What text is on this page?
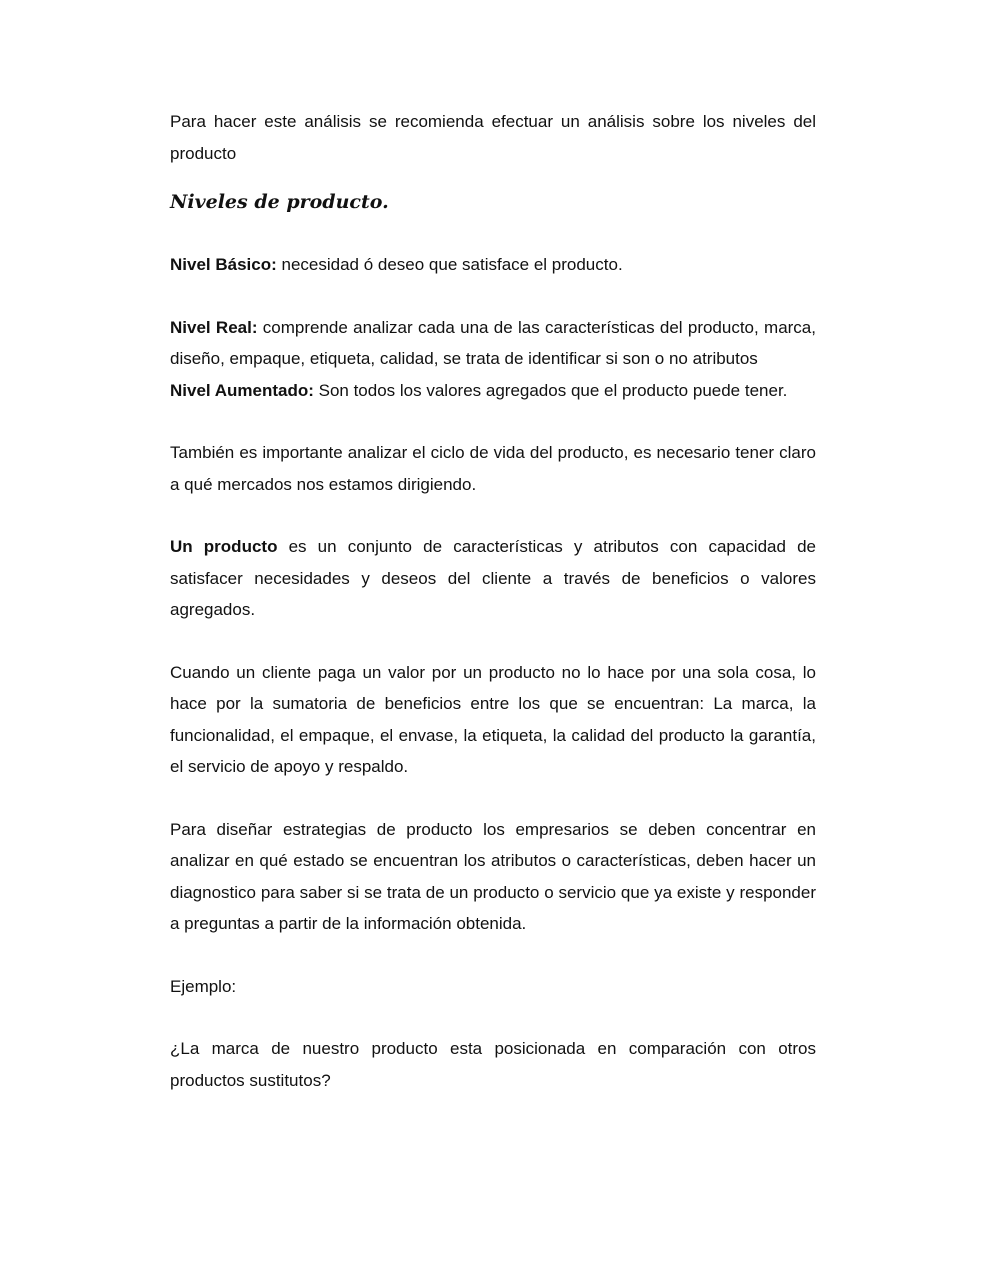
Para hacer este análisis se recomienda efectuar un análisis sobre los niveles del producto

Niveles de producto.

Nivel Básico: necesidad ó deseo que satisface el producto.

Nivel Real: comprende analizar cada una de las características del producto, marca, diseño, empaque, etiqueta, calidad, se trata de identificar si son o no atributos

Nivel Aumentado: Son todos los valores agregados que el producto puede tener.

También es importante analizar el ciclo de vida del producto, es necesario tener claro a qué mercados nos estamos dirigiendo.

Un producto es un conjunto de características y atributos con capacidad de satisfacer necesidades y deseos del cliente a través de beneficios o valores agregados.

Cuando un cliente paga un valor por un producto no lo hace por una sola cosa, lo hace por la sumatoria de beneficios entre los que se encuentran: La marca, la funcionalidad, el empaque, el envase, la etiqueta, la calidad del producto la garantía, el servicio de apoyo y respaldo.

Para diseñar estrategias de producto los empresarios se deben concentrar en analizar en qué estado se encuentran los atributos o características, deben hacer un diagnostico para saber si se trata de un producto o servicio que ya existe y responder a preguntas a partir de la información obtenida.

Ejemplo:

¿La marca de nuestro producto esta posicionada en comparación con otros productos sustitutos?
